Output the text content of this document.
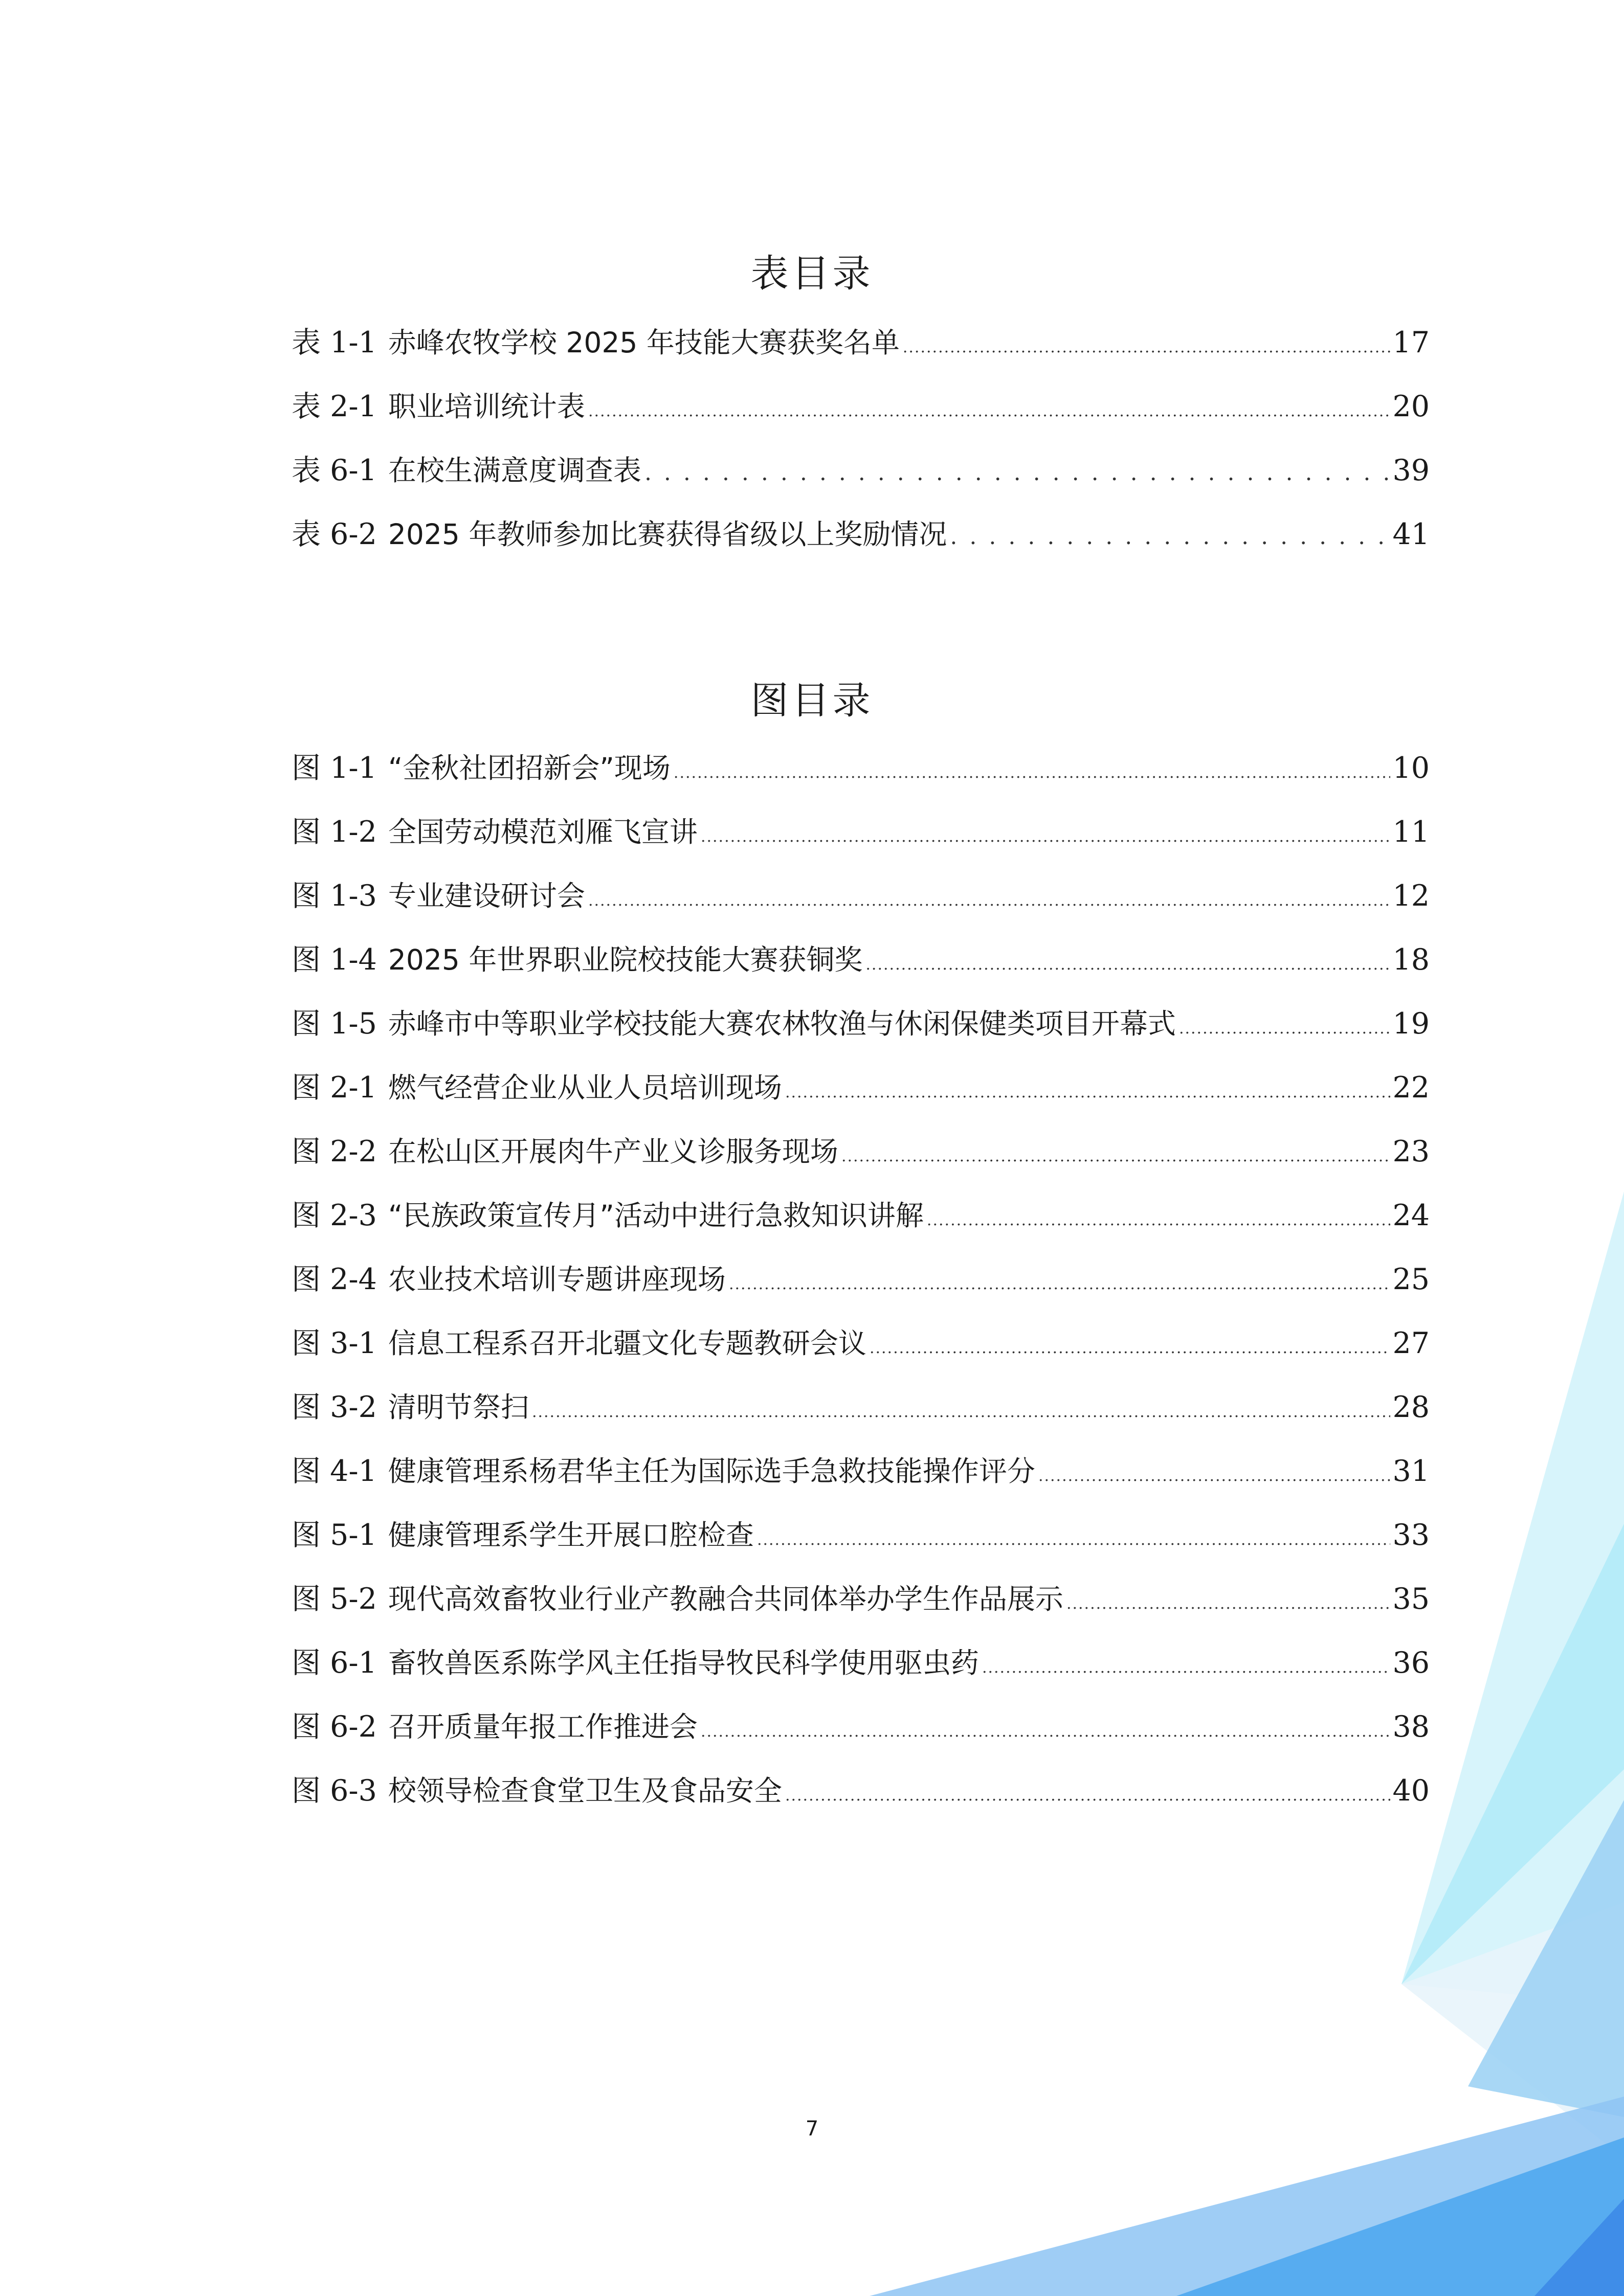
表目录
表 1-1 赤峰农牧学校 2025 年技能大赛获奖名单 .....	17
表 2-1 职业培训统计表 .....	20
表 6-1 在校生满意度调查表 .....	39
表 6-2 2025 年教师参加比赛获得省级以上奖励情况 .....	41
图目录
图 1-1 “金秋社团招新会”现场 .....	10
图 1-2 全国劳动模范刘雁飞宣讲 .....	11
图 1-3 专业建设研讨会 .....	12
图 1-4 2025 年世界职业院校技能大赛获铜奖 .....	18
图 1-5 赤峰市中等职业学校技能大赛农林牧渔与休闲保健类项目开幕式 .....	19
图 2-1 燃气经营企业从业人员培训现场 .....	22
图 2-2 在松山区开展肉牛产业义诊服务现场 .....	23
图 2-3 “民族政策宣传月”活动中进行急救知识讲解 .....	24
图 2-4 农业技术培训专题讲座现场 .....	25
图 3-1 信息工程系召开北疆文化专题教研会议 .....	27
图 3-2 清明节祭扫 .....	28
图 4-1 健康管理系杨君华主任为国际选手急救技能操作评分 .....	31
图 5-1 健康管理系学生开展口腔检查 .....	33
图 5-2 现代高效畜牧业行业产教融合共同体举办学生作品展示 .....	35
图 6-1 畜牧兽医系陈学风主任指导牧民科学使用驱虫药 .....	36
图 6-2 召开质量年报工作推进会 .....	38
图 6-3 校领导检查食堂卫生及食品安全 .....	40
7
